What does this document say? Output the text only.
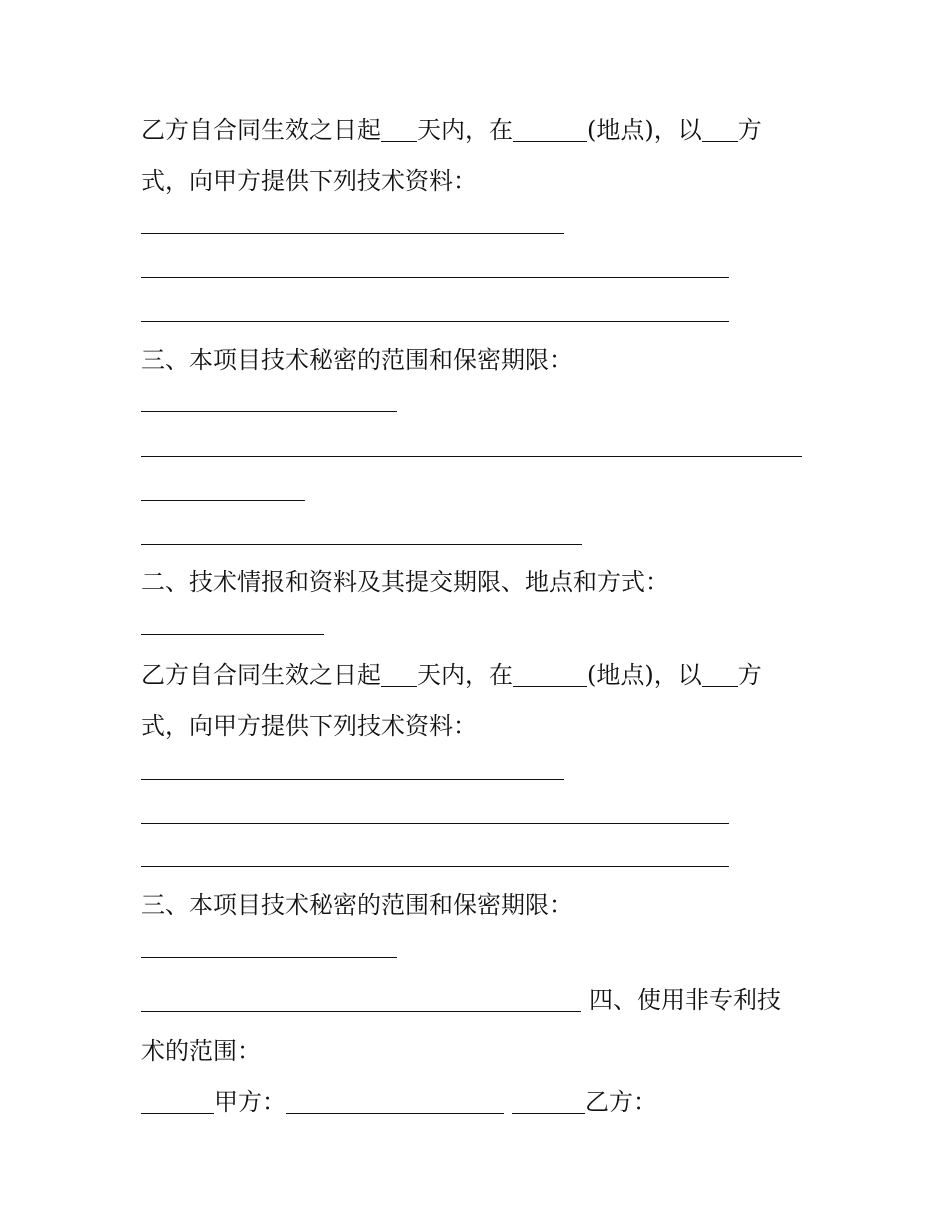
乙方自合同生效之日起 天内，在	(地点)，以 方
式，向甲方提供下列技术资料：
三、本项目技术秘密的范围和保密期限：
二、技术情报和资料及其提交期限、地点和方式：
乙方自合同生效之日起 天内，在	(地点)，以 方
式，向甲方提供下列技术资料：
三、本项目技术秘密的范围和保密期限：
四、使用非专利技
术的范围：
甲方：	乙方：
